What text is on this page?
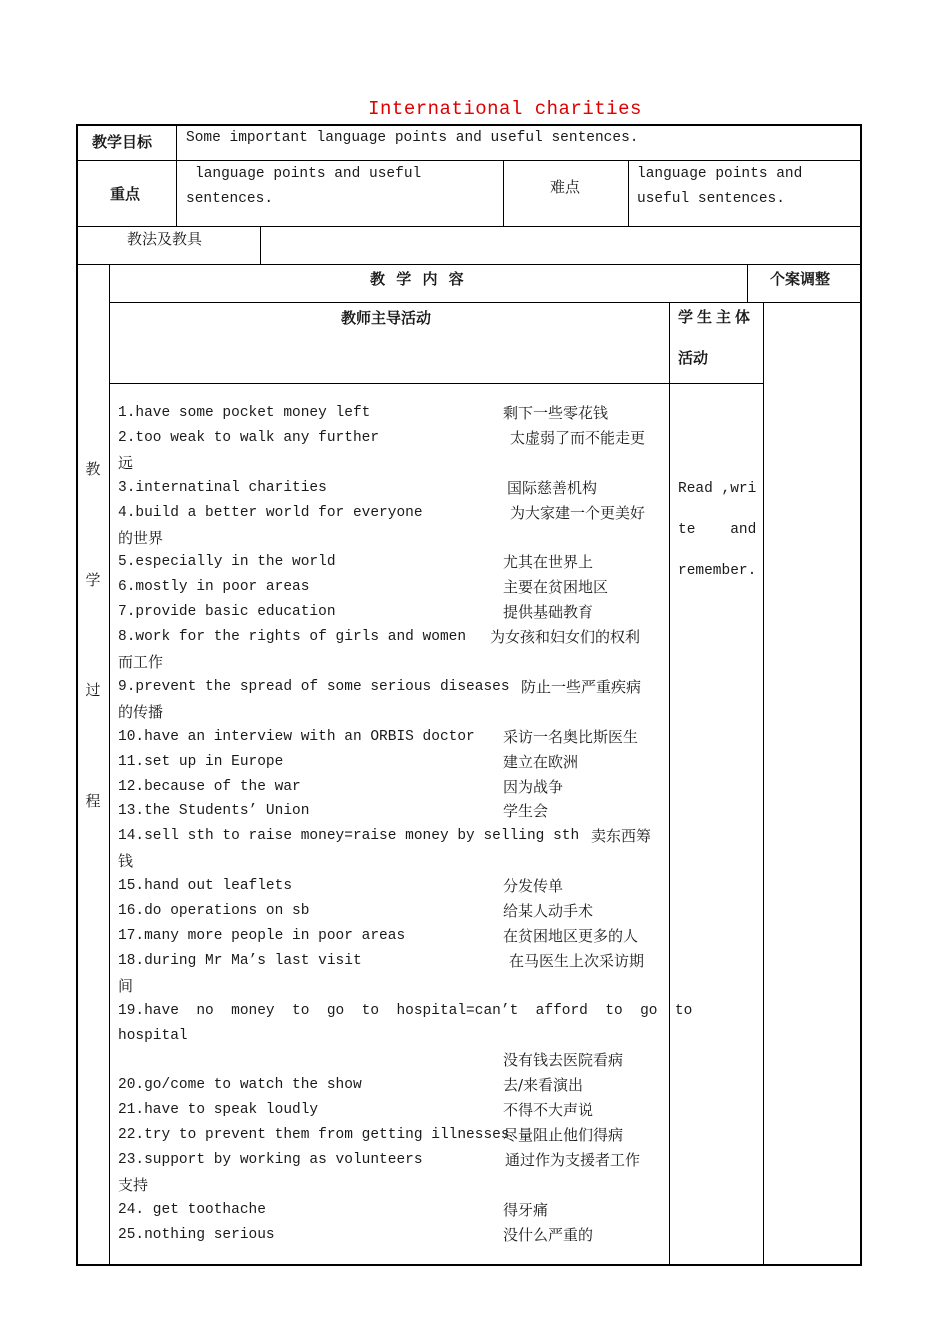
International charities
教学目标 Some important language points and useful sentences.
重点
language points and useful
sentences.
难点
language points and
useful sentences.
教法及教具
教 学 内 容	个案调整
教师主导活动	学生主体
活动
教
学
过
程
Read ,wri
te    and
remember.
1.have some pocket money left	剩下一些零花钱
2.too weak to walk any further	太虚弱了而不能走更
远
3.internatinal charities	国际慈善机构
4.build a better world for everyone	为大家建一个更美好
的世界
5.especially in the world	尤其在世界上
6.mostly in poor areas	主要在贫困地区
7.provide basic education	提供基础教育
8.work for the rights of girls and women 为女孩和妇女们的权利
而工作
9.prevent the spread of some serious diseases 防止一些严重疾病
的传播
10.have an interview with an ORBIS doctor 采访一名奥比斯医生
11.set up in Europe	建立在欧洲
12.because of the war	因为战争
13.the Students’ Union	学生会
14.sell sth to raise money=raise money by selling sth 卖东西筹
钱
15.hand out leaflets	分发传单
16.do operations on sb	给某人动手术
17.many more people in poor areas	在贫困地区更多的人
18.during Mr Ma’s last visit	在马医生上次采访期
间
19.have  no  money  to  go  to  hospital=can’t  afford  to  go  to
hospital
没有钱去医院看病
20.go/come to watch the show	去/来看演出
21.have to speak loudly	不得不大声说
22.try to prevent them from getting illnesses
尽量阻止他们得病
23.support by working as volunteers	通过作为支援者工作
支持
24. get toothache	得牙痛
25.nothing serious	没什么严重的
